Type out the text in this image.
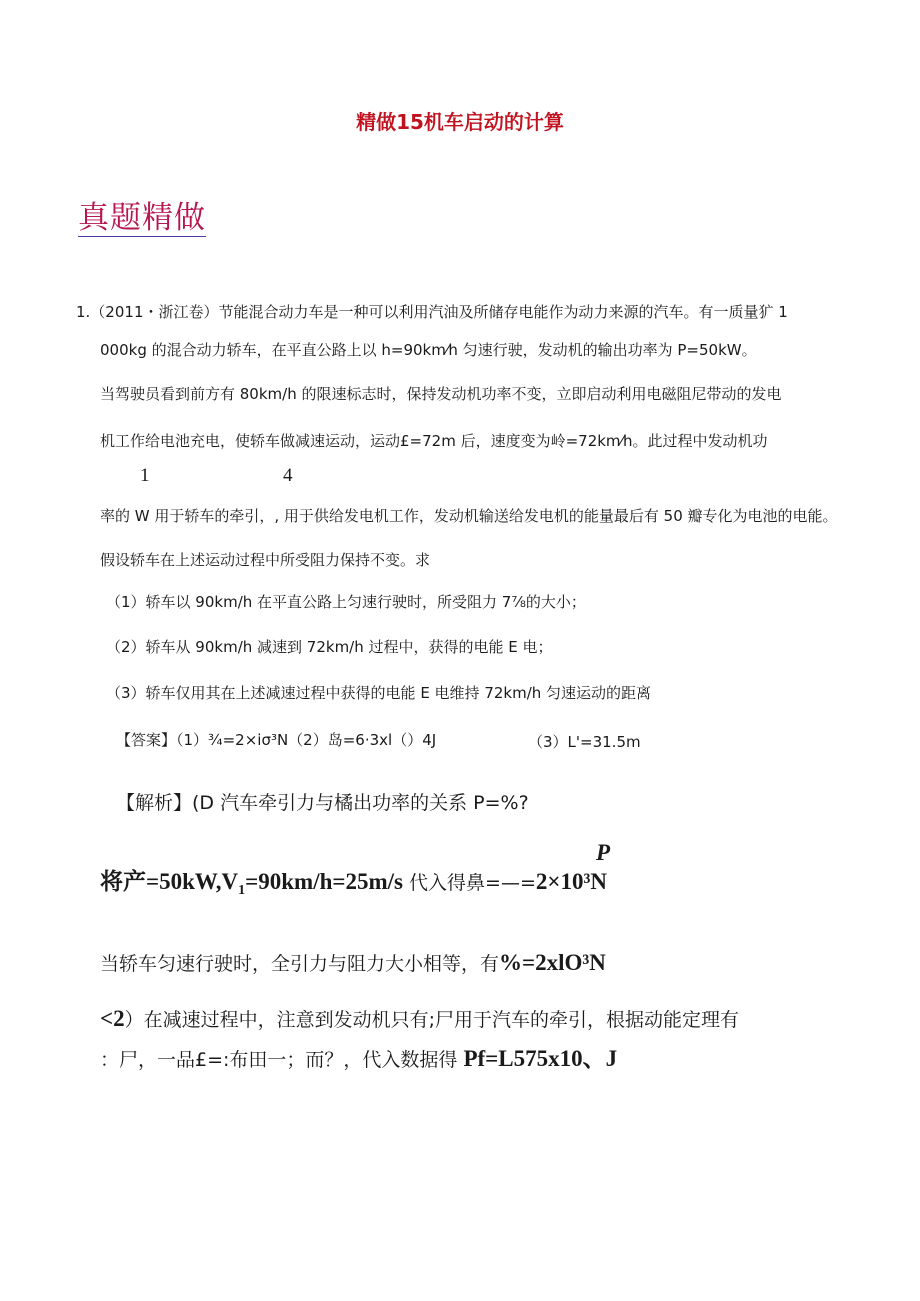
精做15机车启动的计算
真题精做
1.（2011・浙江卷）节能混合动力车是一种可以利用汽油及所储存电能作为动力来源的汽车。有一质量犷 1
000kg 的混合动力轿车，在平直公路上以 h=90km⁄h 匀速行驶，发动机的输出功率为 P=50kW。
当驾驶员看到前方有 80km/h 的限速标志时，保持发动机功率不变，立即启动利用电磁阻尼带动的发电
机工作给电池充电，使轿车做减速运动，运动£=72m 后，速度变为岭=72km⁄h。此过程中发动机功
1	4
率的 W 用于轿车的牵引，, 用于供给发电机工作，发动机输送给发电机的能量最后有 50 瓣专化为电池的电能。
假设轿车在上述运动过程中所受阻力保持不变。求
（1）轿车以 90km/h 在平直公路上匀速行驶时，所受阻力 7⅞的大小；
（2）轿车从 90km/h 减速到 72km/h 过程中，获得的电能 E 电；
（3）轿车仅用其在上述减速过程中获得的电能 E 电维持 72km/h 匀速运动的距离
【答案】（1）¾=2×iσ³N（2）岛=6·3xl（）4J	（3）L'=31.5m
【解析】(D 汽车牵引力与橘出功率的关系 P=%?
P
将产$=50kW,V_1=90km/h=25m/s$ 代入得鼻=—=2×10³N
当轿车匀速行驶时，全引力与阻力大小相等，有%=2xlO³N
<2）在减速过程中，注意到发动机只有;尸用于汽车的牵引，根据动能定理有
：尸，一品£=:布田一；而？，代入数据得 Pf=L575x10、J
